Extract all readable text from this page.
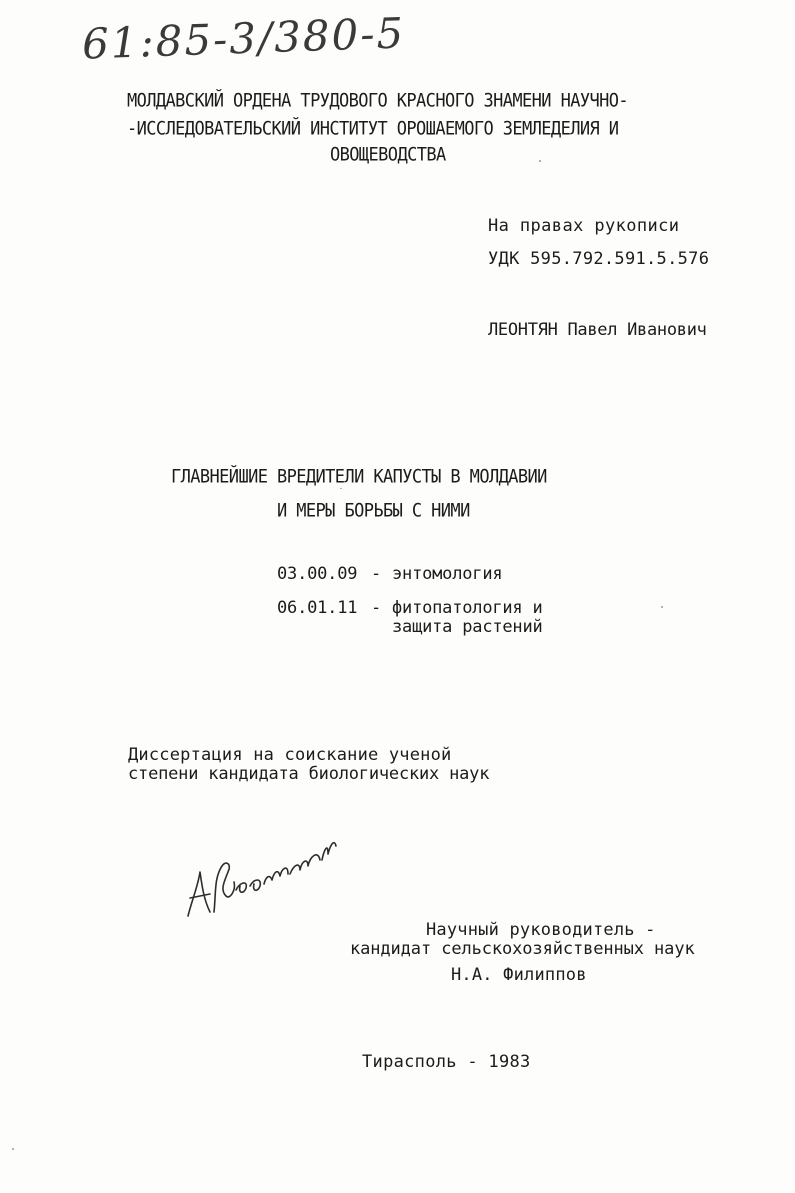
61:85-3/380-5
МОЛДАВСКИЙ ОРДЕНА ТРУДОВОГО КРАСНОГО ЗНАМЕНИ НАУЧНО-
-ИССЛЕДОВАТЕЛЬСКИЙ ИНСТИТУТ ОРОШАЕМОГО ЗЕМЛЕДЕЛИЯ И
ОВОЩЕВОДСТВА
На правах рукописи
УДК 595.792.591.5.576
ЛЕОНТЯН Павел Иванович
ГЛАВНЕЙШИЕ ВРЕДИТЕЛИ КАПУСТЫ В МОЛДАВИИ
И МЕРЫ БОРЬБЫ С НИМИ
03.00.09 - энтомология
06.01.11 - фитопатология и
защита растений
Диссертация на соискание ученой
степени кандидата биологических наук
Научный руководитель -
кандидат сельскохозяйственных наук
Н.А. Филиппов
Тирасполь - 1983
